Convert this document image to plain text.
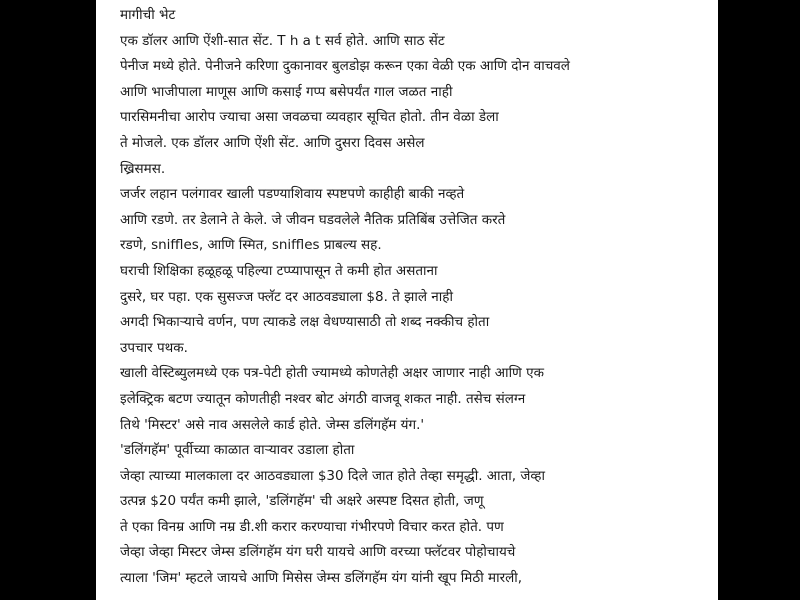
मागीची भेट
एक डॉलर आणि ऐंशी-सात सेंट. T h a t सर्व होते. आणि साठ सेंट
पेनीज मध्ये होते. पेनीजने करिणा दुकानावर बुलडोझ करून एका वेळी एक आणि दोन वाचवले
आणि भाजीपाला माणूस आणि कसाई गप्प बसेपर्यंत गाल जळत नाही
पारसिमनीचा आरोप ज्याचा असा जवळचा व्यवहार सूचित होतो. तीन वेळा डेला
ते मोजले. एक डॉलर आणि ऐंशी सेंट. आणि दुसरा दिवस असेल
ख्रिसमस.
जर्जर लहान पलंगावर खाली पडण्याशिवाय स्पष्टपणे काहीही बाकी नव्हते
आणि रडणे. तर डेलाने ते केले. जे जीवन घडवलेले नैतिक प्रतिबिंब उत्तेजित करते
रडणे, sniffles, आणि स्मित, sniffles प्राबल्य सह.
घराची शिक्षिका हळूहळू पहिल्या टप्प्यापासून ते कमी होत असताना
दुसरे, घर पहा. एक सुसज्ज फ्लॅट दर आठवड्याला $8. ते झाले नाही
अगदी भिकाऱ्याचे वर्णन, पण त्याकडे लक्ष वेधण्यासाठी तो शब्द नक्कीच होता
उपचार पथक.
खाली वेस्टिब्युलमध्ये एक पत्र-पेटी होती ज्यामध्ये कोणतेही अक्षर जाणार नाही आणि एक
इलेक्ट्रिक बटण ज्यातून कोणतीही नश्वर बोट अंगठी वाजवू शकत नाही. तसेच संलग्न
तिथे 'मिस्टर' असे नाव असलेले कार्ड होते. जेम्स डलिंगहॅम यंग.'
'डलिंगहॅम' पूर्वीच्या काळात वाऱ्यावर उडाला होता
जेव्हा त्याच्या मालकाला दर आठवड्याला $30 दिले जात होते तेव्हा समृद्धी. आता, जेव्हा
उत्पन्न $20 पर्यंत कमी झाले, 'डलिंगहॅम' ची अक्षरे अस्पष्ट दिसत होती, जणू
ते एका विनम्र आणि नम्र डी.शी करार करण्याचा गंभीरपणे विचार करत होते. पण
जेव्हा जेव्हा मिस्टर जेम्स डलिंगहॅम यंग घरी यायचे आणि वरच्या फ्लॅटवर पोहोचायचे
त्याला 'जिम' म्हटले जायचे आणि मिसेस जेम्स डलिंगहॅम यंग यांनी खूप मिठी मारली,
